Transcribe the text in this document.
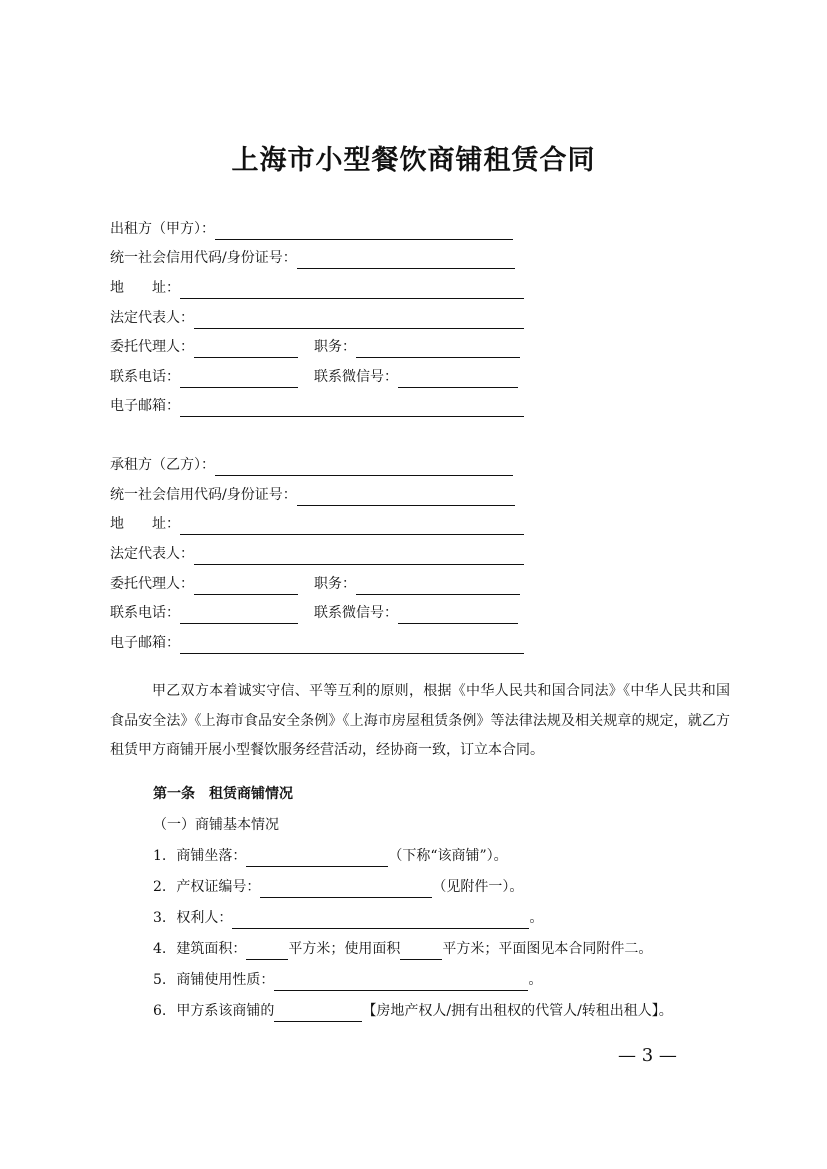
上海市小型餐饮商铺租赁合同
出租方（甲方）：
统一社会信用代码/身份证号：
地　　址：
法定代表人：
委托代理人：	职务：
联系电话：	联系微信号：
电子邮箱：
承租方（乙方）：
统一社会信用代码/身份证号：
地　　址：
法定代表人：
委托代理人：	职务：
联系电话：	联系微信号：
电子邮箱：
甲乙双方本着诚实守信、平等互利的原则，根据《中华人民共和国合同法》《中华人民共和国食品安全法》《上海市食品安全条例》《上海市房屋租赁条例》等法律法规及相关规章的规定，就乙方租赁甲方商铺开展小型餐饮服务经营活动，经协商一致，订立本合同。
第一条　租赁商铺情况
（一）商铺基本情况
1. 商铺坐落：	（下称“该商铺”）。
2. 产权证编号：	（见附件一）。
3. 权利人：	。
4. 建筑面积：	平方米；使用面积	平方米；平面图见本合同附件二。
5. 商铺使用性质：	。
6. 甲方系该商铺的	【房地产权人/拥有出租权的代管人/转租出租人】。
— 3 —
